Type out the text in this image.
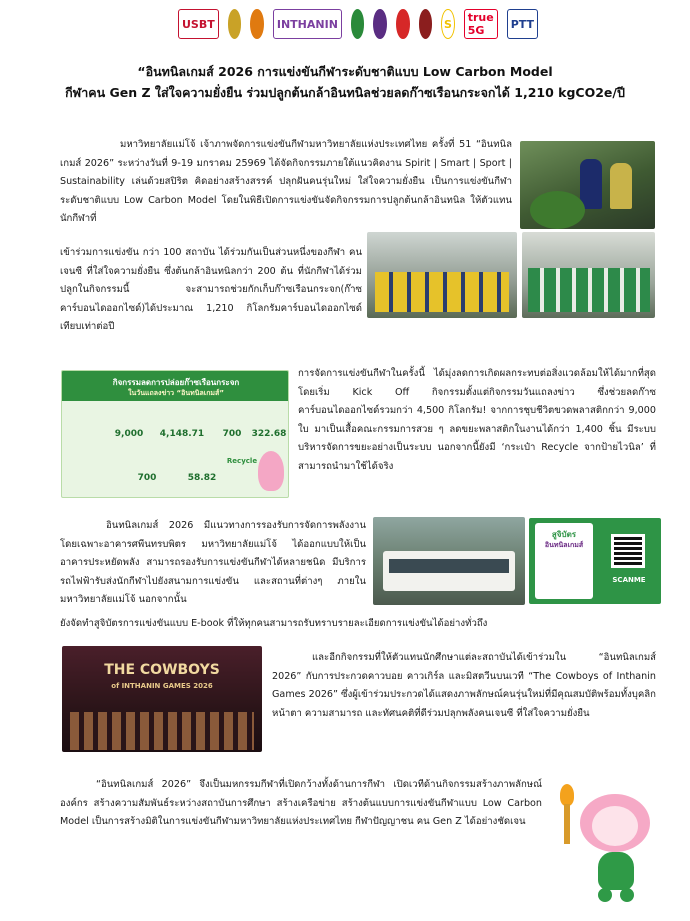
USBT	INTHANIN	S	true 5G	PTT
“อินทนิลเกมส์ 2026 การแข่งขันกีฬาระดับชาติแบบ Low Carbon Model
กีฬาคน Gen Z ใส่ใจความยั่งยืน ร่วมปลูกต้นกล้าอินทนิลช่วยลดก๊าซเรือนกระจกได้ 1,210 kgCO2e/ปี
มหาวิทยาลัยแม่โจ้ เจ้าภาพจัดการแข่งขันกีฬามหาวิทยาลัยแห่งประเทศไทย ครั้งที่ 51 “อินทนิลเกมส์ 2026” ระหว่างวันที่ 9-19 มกราคม 25969 ได้จัดกิจกรรมภายใต้แนวคิดงาน Spirit | Smart | Sport | Sustainability เล่นด้วยสปิริต คิดอย่างสร้างสรรค์ ปลุกฝันคนรุ่นใหม่ ใส่ใจความยั่งยืน เป็นการแข่งขันกีฬาระดับชาติแบบ Low Carbon Model โดยในพิธีเปิดการแข่งขันจัดกิจกรรมการปลูกต้นกล้าอินทนิล ให้ตัวแทนนักกีฬาที่
เข้าร่วมการแข่งขัน กว่า 100 สถาบัน ได้ร่วมกันเป็นส่วนหนึ่งของกีฬา คนเจนซี ที่ใส่ใจความยั่งยืน ซึ่งต้นกล้าอินทนิลกว่า 200 ต้น ที่นักกีฬาได้ร่วมปลูกในกิจกรรมนี้ จะสามารถช่วยกักเก็บก๊าซเรือนกระจก(ก๊าซคาร์บอนไดออกไซด์)ได้ประมาณ 1,210 กิโลกรัมคาร์บอนไดออกไซด์เทียบเท่าต่อปี
กิจกรรมลดการปล่อยก๊าซเรือนกระจก
ในวันแถลงข่าว “อินทนิลเกมส์”
9,000	4,148.71	700	322.68
700	58.82
Recycle
การจัดการแข่งขันกีฬาในครั้งนี้ ได้มุ่งลดการเกิดผลกระทบต่อสิ่งแวดล้อมให้ได้มากที่สุด โดยเริ่ม Kick Off กิจกรรมตั้งแต่กิจกรรมวันแถลงข่าว ซึ่งช่วยลดก๊าซคาร์บอนไดออกไซด์รวมกว่า 4,500 กิโลกรัม! จากการชุบชีวิตขวดพลาสติกกว่า 9,000 ใบ มาเป็นเสื้อคณะกรรมการสวย ๆ ลดขยะพลาสติกในงานได้กว่า 1,400 ชิ้น มีระบบบริหารจัดการขยะอย่างเป็นระบบ นอกจากนี้ยังมี ‘กระเป๋า Recycle จากป้ายไวนิล’ ที่สามารถนำมาใช้ได้จริง
อินทนิลเกมส์ 2026 มีแนวทางการรองรับการจัดการพลังงานโดยเฉพาะอาคารศพีนทรบพิตร มหาวิทยาลัยแม่โจ้ ได้ออกแบบให้เป็นอาคารประหยัดพลัง สามารถรองรับการแข่งขันกีฬาได้หลายชนิด มีบริการรถไฟฟ้ารับส่งนักกีฬาไปยังสนามการแข่งขัน และสถานที่ต่างๆ ภายในมหาวิทยาลัยแม่โจ้ นอกจากนั้น
ยังจัดทำสูจิบัตรการแข่งขันแบบ E-book ที่ให้ทุกคนสามารถรับทราบรายละเอียดการแข่งขันได้อย่างทั่วถึง
สูจิบัตร
อินทนิลเกมส์
SCANME
THE COWBOYS
of INTHANIN GAMES 2026
และอีกกิจกรรมที่ให้ตัวแทนนักศึกษาแต่ละสถาบันได้เข้าร่วมใน “อินทนิลเกมส์ 2026” กับการประกวดคาวบอย คาวเกิร์ล และมิสตวีนบนเวที “The Cowboys of Inthanin Games 2026” ซึ่งผู้เข้าร่วมประกวดได้แสดงภาพลักษณ์คนรุ่นใหม่ที่มีคุณสมบัติพร้อมทั้งบุคลิกหน้าตา ความสามารถ และทัศนคติที่ดีร่วมปลุกพลังคนเจนซี ที่ใส่ใจความยั่งยืน
“อินทนิลเกมส์ 2026” จึงเป็นมหกรรมกีฬาที่เปิดกว้างทั้งด้านการกีฬา เปิดเวทีด้านกิจกรรมสร้างภาพลักษณ์องค์กร สร้างความสัมพันธ์ระหว่างสถาบันการศึกษา สร้างเครือข่าย สร้างต้นแบบการแข่งขันกีฬาแบบ Low Carbon Model เป็นการสร้างมิติในการแข่งขันกีฬามหาวิทยาลัยแห่งประเทศไทย กีฬาปัญญาชน คน Gen Z ได้อย่างชัดเจน
